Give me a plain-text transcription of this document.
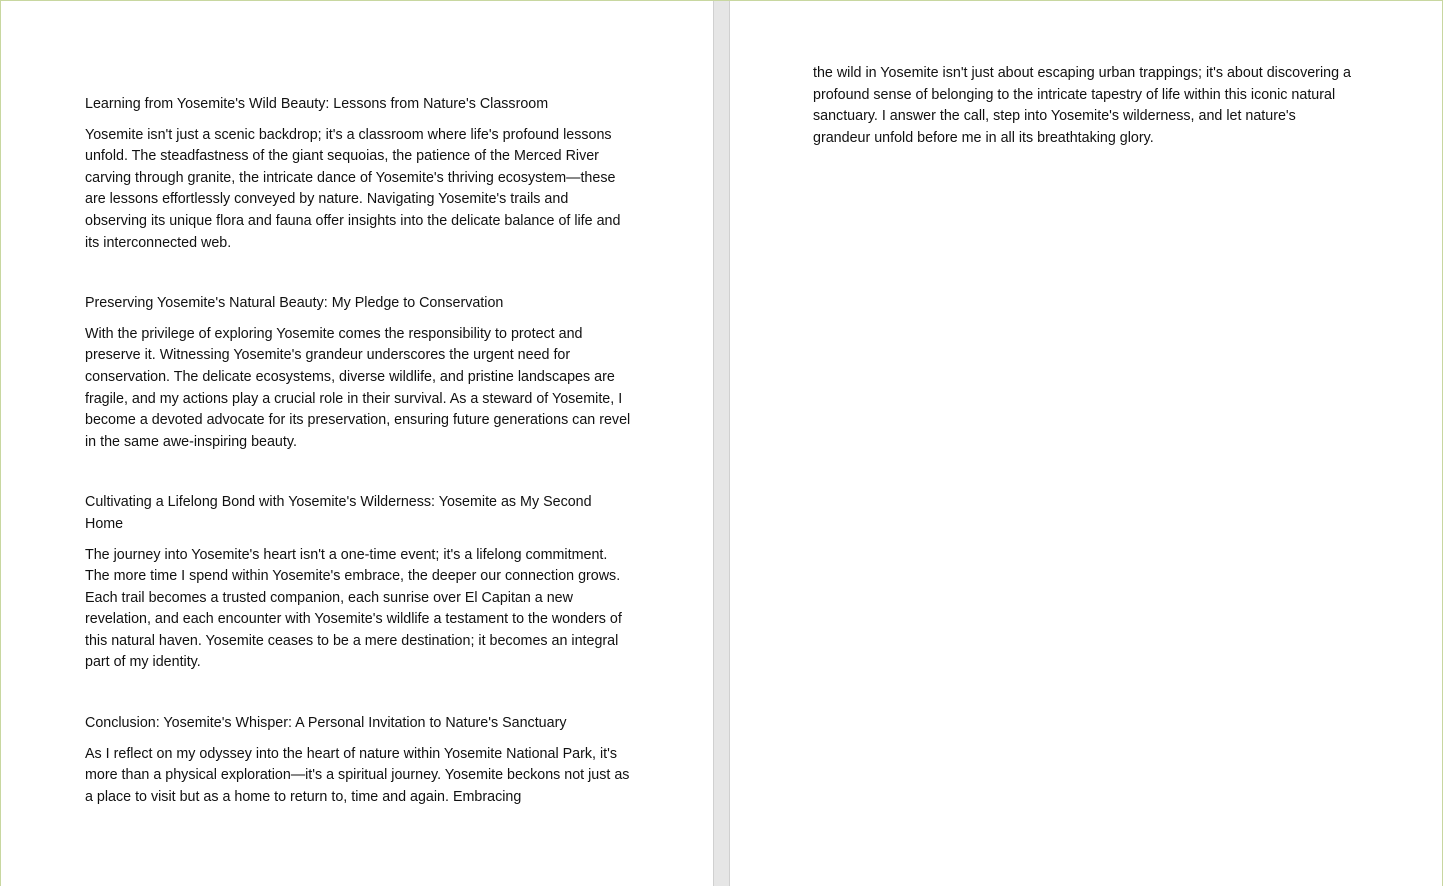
Learning from Yosemite's Wild Beauty: Lessons from Nature's Classroom

Yosemite isn't just a scenic backdrop; it's a classroom where life's profound lessons unfold. The steadfastness of the giant sequoias, the patience of the Merced River carving through granite, the intricate dance of Yosemite's thriving ecosystem—these are lessons effortlessly conveyed by nature. Navigating Yosemite's trails and observing its unique flora and fauna offer insights into the delicate balance of life and its interconnected web.

Preserving Yosemite's Natural Beauty: My Pledge to Conservation

With the privilege of exploring Yosemite comes the responsibility to protect and preserve it. Witnessing Yosemite's grandeur underscores the urgent need for conservation. The delicate ecosystems, diverse wildlife, and pristine landscapes are fragile, and my actions play a crucial role in their survival. As a steward of Yosemite, I become a devoted advocate for its preservation, ensuring future generations can revel in the same awe-inspiring beauty.

Cultivating a Lifelong Bond with Yosemite's Wilderness: Yosemite as My Second Home

The journey into Yosemite's heart isn't a one-time event; it's a lifelong commitment. The more time I spend within Yosemite's embrace, the deeper our connection grows. Each trail becomes a trusted companion, each sunrise over El Capitan a new revelation, and each encounter with Yosemite's wildlife a testament to the wonders of this natural haven. Yosemite ceases to be a mere destination; it becomes an integral part of my identity.

Conclusion: Yosemite's Whisper: A Personal Invitation to Nature's Sanctuary

As I reflect on my odyssey into the heart of nature within Yosemite National Park, it's more than a physical exploration—it's a spiritual journey. Yosemite beckons not just as a place to visit but as a home to return to, time and again. Embracing

the wild in Yosemite isn't just about escaping urban trappings; it's about discovering a profound sense of belonging to the intricate tapestry of life within this iconic natural sanctuary. I answer the call, step into Yosemite's wilderness, and let nature's grandeur unfold before me in all its breathtaking glory.
